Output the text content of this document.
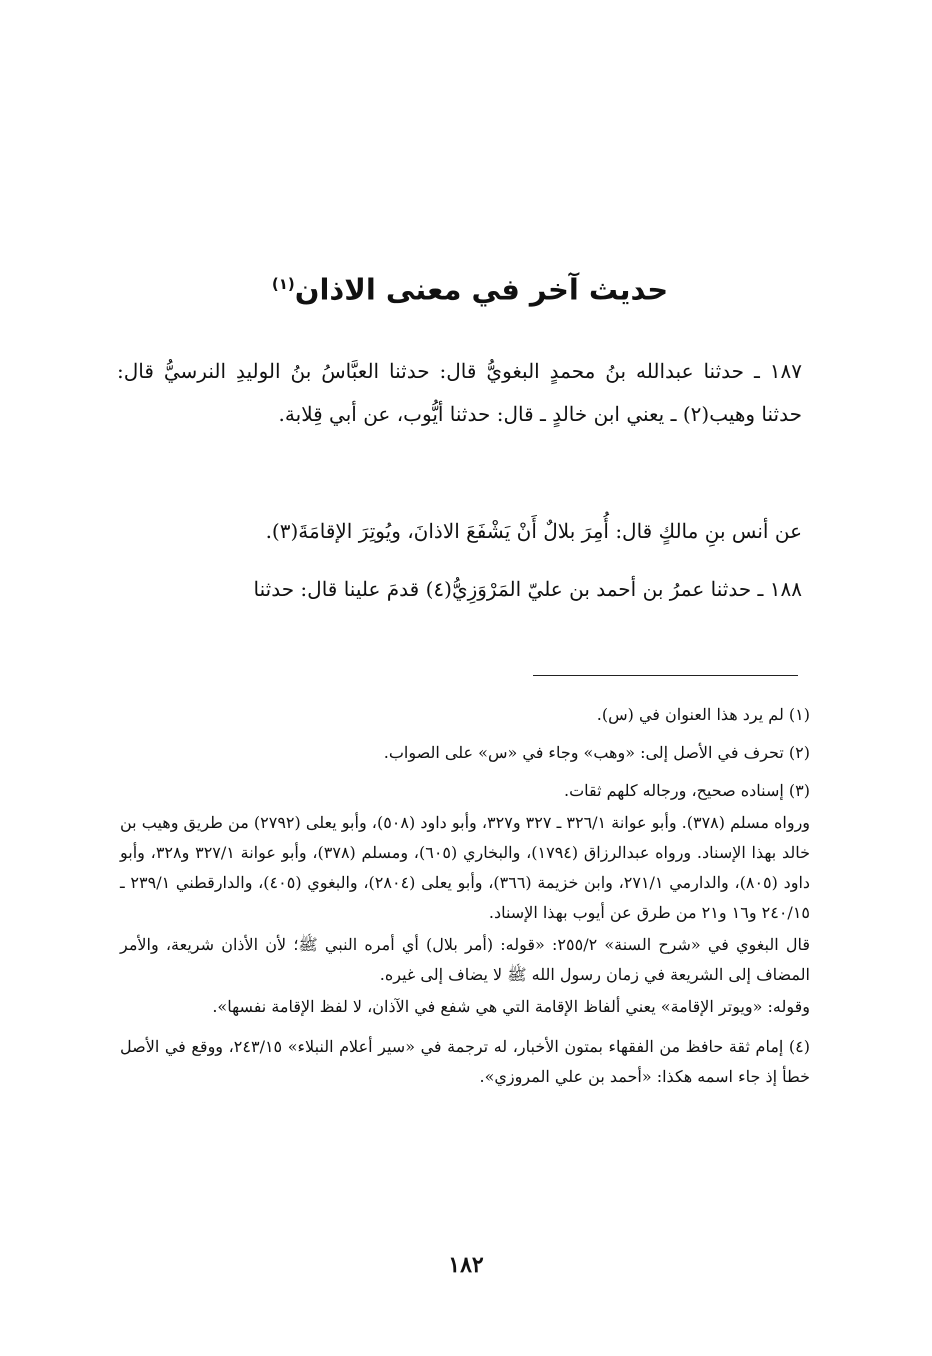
حديث آخر في معنى الاذان$^{(١)}$

١٨٧ ـ حدثنا عبدالله بنُ محمدٍ البغويُّ قال: حدثنا العبَّاسُ بنُ الوليدِ النرسيُّ قال: حدثنا وهيب(٢) ـ يعني ابن خالدٍ ـ قال: حدثنا أيُّوب، عن أبي قِلابة.

عن أنس بنِ مالكٍ قال: أُمِرَ بلالٌ أَنْ يَشْفَعَ الاذانَ، ويُوتِرَ الإقامَةَ(٣).

١٨٨ ـ حدثنا عمرُ بن أحمد بن عليّ المَرْوَزِيُّ(٤) قدمَ علينا قال: حدثنا

(١) لم يرد هذا العنوان في (س).

(٢) تحرف في الأصل إلى: «وهب» وجاء في «س» على الصواب.

(٣) إسناده صحيح، ورجاله كلهم ثقات.

ورواه مسلم (٣٧٨). وأبو عوانة ٣٢٦/١ ـ ٣٢٧ و٣٢٧، وأبو داود (٥٠٨)، وأبو يعلى (٢٧٩٢) من طريق وهيب بن خالد بهذا الإسناد. ورواه عبدالرزاق (١٧٩٤)، والبخاري (٦٠٥)، ومسلم (٣٧٨)، وأبو عوانة ٣٢٧/١ و٣٢٨، وأبو داود (٨٠٥)، والدارمي ٢٧١/١، وابن خزيمة (٣٦٦)، وأبو يعلى (٢٨٠٤)، والبغوي (٤٠٥)، والدارقطني ٢٣٩/١ ـ ٢٤٠/١٥ و١٦ و٢١ من طرق عن أيوب بهذا الإسناد.

قال البغوي في «شرح السنة» ٢٥٥/٢: «قوله: (أمر بلال) أي أمره النبي ﷺ؛ لأن الأذان شريعة، والأمر المضاف إلى الشريعة في زمان رسول الله ﷺ لا يضاف إلى غيره.

وقوله: «ويوتر الإقامة» يعني ألفاظ الإقامة التي هي شفع في الآذان، لا لفظ الإقامة نفسها».

(٤) إمام ثقة حافظ من الفقهاء بمتون الأخبار، له ترجمة في «سير أعلام النبلاء» ٢٤٣/١٥، ووقع في الأصل خطأ إذ جاء اسمه هكذا: «أحمد بن علي المروزي».

١٨٢
